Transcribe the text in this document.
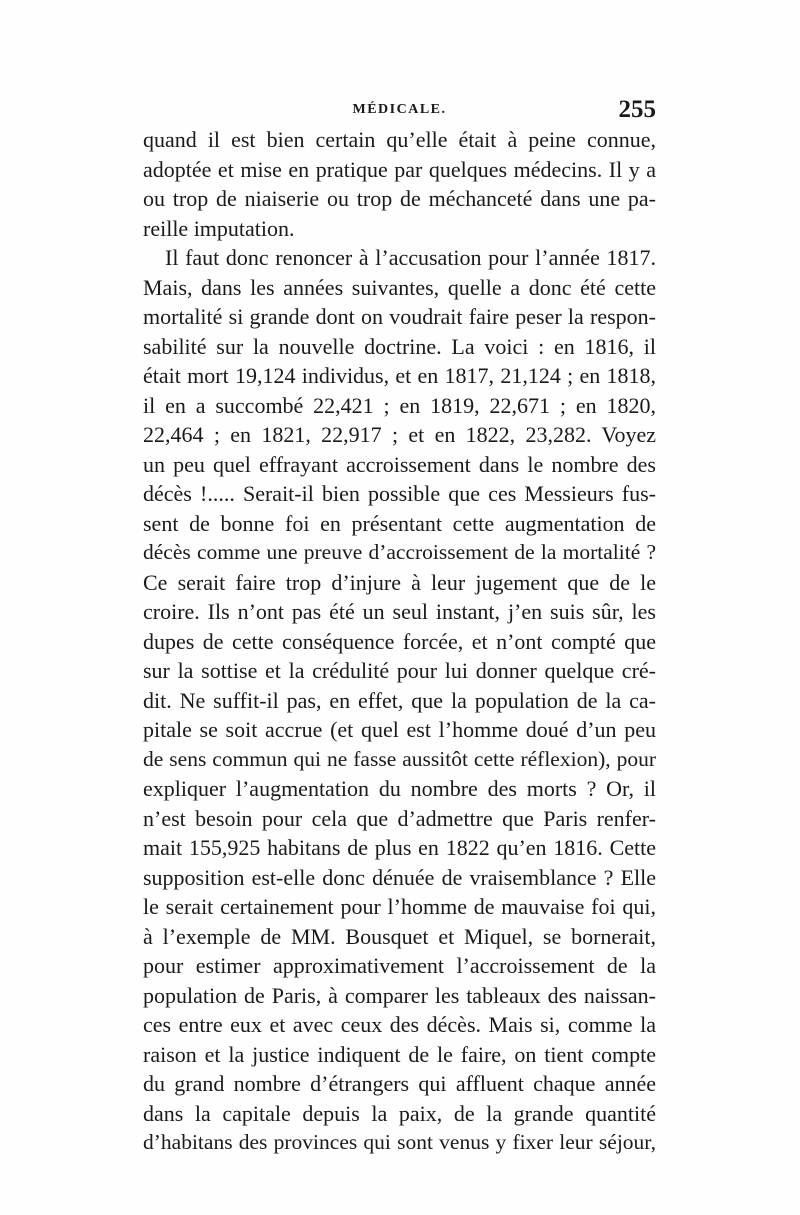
MÉDICALE.	255
quand il est bien certain qu’elle était à peine connue,
adoptée et mise en pratique par quelques médecins. Il y a
ou trop de niaiserie ou trop de méchanceté dans une pa-
reille imputation.
Il faut donc renoncer à l’accusation pour l’année 1817.
Mais, dans les années suivantes, quelle a donc été cette
mortalité si grande dont on voudrait faire peser la respon-
sabilité sur la nouvelle doctrine. La voici : en 1816, il
était mort 19,124 individus, et en 1817, 21,124 ; en 1818,
il en a succombé 22,421 ; en 1819, 22,671 ; en 1820,
22,464 ; en 1821, 22,917 ; et en 1822, 23,282. Voyez
un peu quel effrayant accroissement dans le nombre des
décès !..... Serait-il bien possible que ces Messieurs fus-
sent de bonne foi en présentant cette augmentation de
décès comme une preuve d’accroissement de la mortalité ?
Ce serait faire trop d’injure à leur jugement que de le
croire. Ils n’ont pas été un seul instant, j’en suis sûr, les
dupes de cette conséquence forcée, et n’ont compté que
sur la sottise et la crédulité pour lui donner quelque cré-
dit. Ne suffit-il pas, en effet, que la population de la ca-
pitale se soit accrue (et quel est l’homme doué d’un peu
de sens commun qui ne fasse aussitôt cette réflexion), pour
expliquer l’augmentation du nombre des morts ? Or, il
n’est besoin pour cela que d’admettre que Paris renfer-
mait 155,925 habitans de plus en 1822 qu’en 1816. Cette
supposition est-elle donc dénuée de vraisemblance ? Elle
le serait certainement pour l’homme de mauvaise foi qui,
à l’exemple de MM. Bousquet et Miquel, se bornerait,
pour estimer approximativement l’accroissement de la
population de Paris, à comparer les tableaux des naissan-
ces entre eux et avec ceux des décès. Mais si, comme la
raison et la justice indiquent de le faire, on tient compte
du grand nombre d’étrangers qui affluent chaque année
dans la capitale depuis la paix, de la grande quantité
d’habitans des provinces qui sont venus y fixer leur séjour,
